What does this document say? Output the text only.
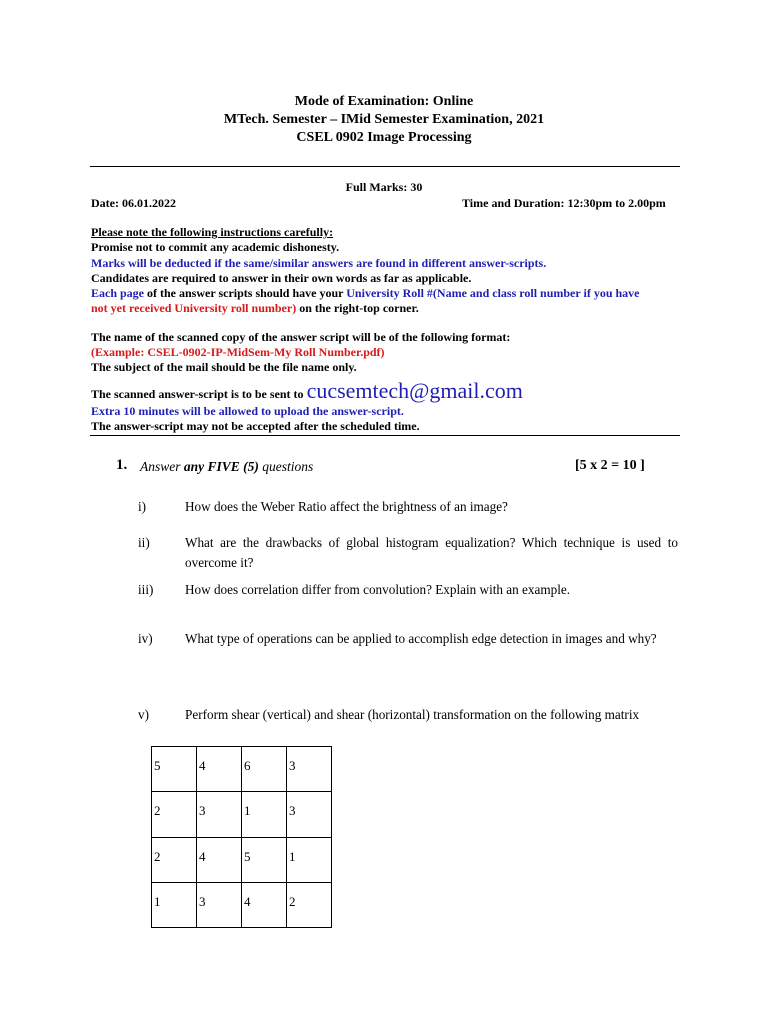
Mode of Examination: Online
MTech. Semester – IMid Semester Examination, 2021
CSEL 0902 Image Processing
Full Marks: 30
Date: 06.01.2022	Time and Duration: 12:30pm to 2.00pm
Please note the following instructions carefully:
Promise not to commit any academic dishonesty.
Marks will be deducted if the same/similar answers are found in different answer-scripts.
Candidates are required to answer in their own words as far as applicable.
Each page of the answer scripts should have your University Roll #(Name and class roll number if you have
not yet received University roll number) on the right-top corner.
The name of the scanned copy of the answer script will be of the following format:
(Example: CSEL-0902-IP-MidSem-My Roll Number.pdf)
The subject of the mail should be the file name only.
The scanned answer-script is to be sent to cucsemtech@gmail.com
Extra 10 minutes will be allowed to upload the answer-script.
The answer-script may not be accepted after the scheduled time.
1. Answer any FIVE (5) questions	[5 x 2 = 10 ]
i)	How does the Weber Ratio affect the brightness of an image?
ii)	What are the drawbacks of global histogram equalization? Which technique is used to overcome it?
iii) How does correlation differ from convolution? Explain with an example.
iv) What type of operations can be applied to accomplish edge detection in images and why?
v)	Perform shear (vertical) and shear (horizontal) transformation on the following matrix
5	4	6	3
2	3	1	3
2	4	5	1
1	3	4	2
